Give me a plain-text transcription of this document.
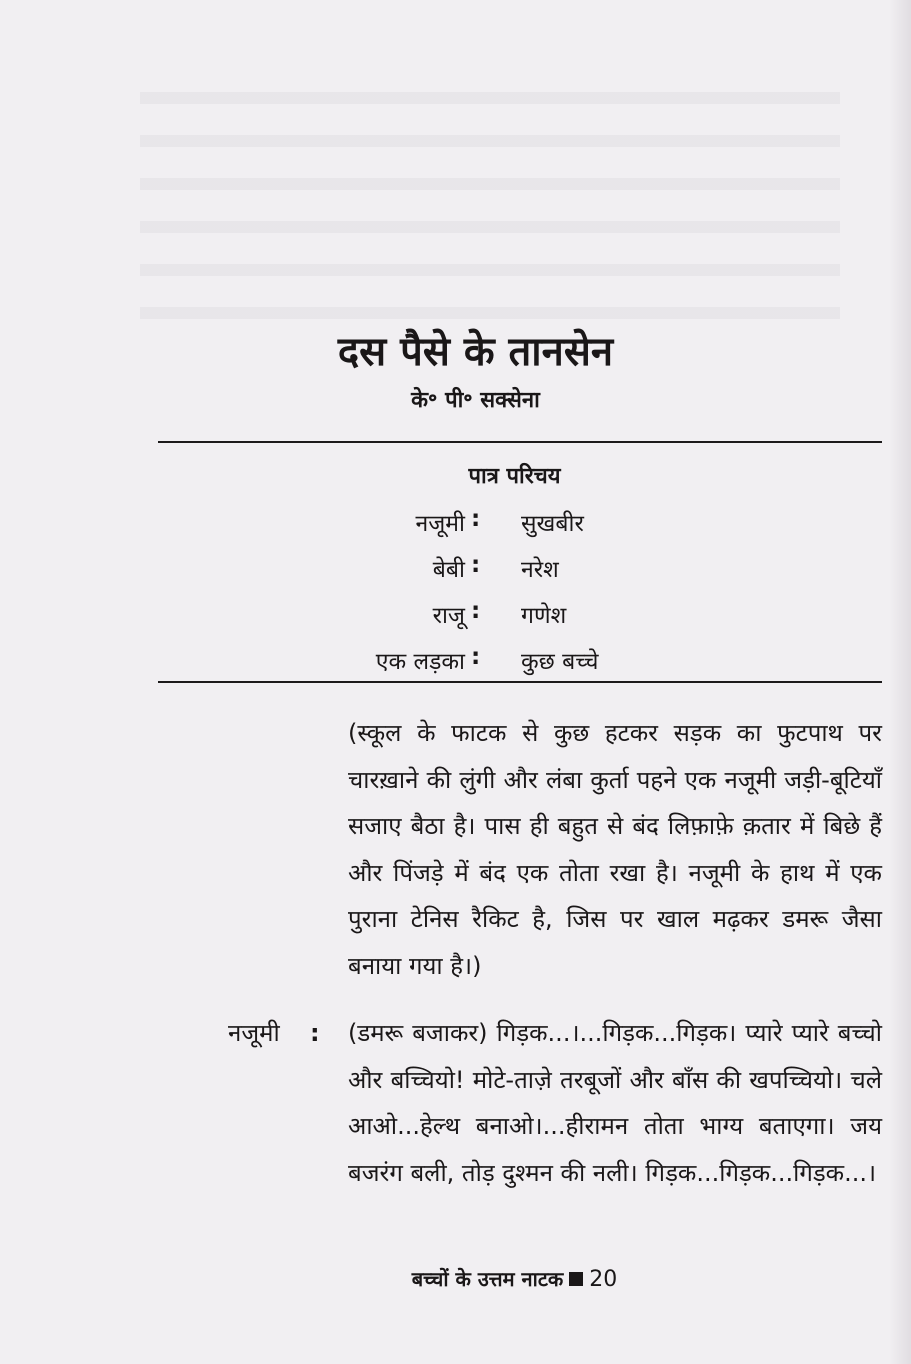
दस पैसे के तानसेन
के॰ पी॰ सक्सेना
पात्र परिचय
नजूमी : सुखबीर
बेबी : नरेश
राजू : गणेश
एक लड़का : कुछ बच्चे

(स्कूल के फाटक से कुछ हटकर सड़क का फुटपाथ पर चारख़ाने की लुंगी और लंबा कुर्ता पहने एक नजूमी जड़ी-बूटियाँ सजाए बैठा है। पास ही बहुत से बंद लिफ़ाफ़े क़तार में बिछे हैं और पिंजड़े में बंद एक तोता रखा है। नजूमी के हाथ में एक पुराना टेनिस रैकिट है, जिस पर खाल मढ़कर डमरू जैसा बनाया गया है।)

नजूमी : (डमरू बजाकर) गिड़क...।...गिड़क...गिड़क। प्यारे प्यारे बच्चो और बच्चियो! मोटे-ताज़े तरबूजों और बाँस की खपच्चियो। चले आओ...हेल्थ बनाओ।...हीरामन तोता भाग्य बताएगा। जय बजरंग बली, तोड़ दुश्मन की नली। गिड़क...गिड़क...गिड़क...।

बच्चों के उत्तम नाटक 20
